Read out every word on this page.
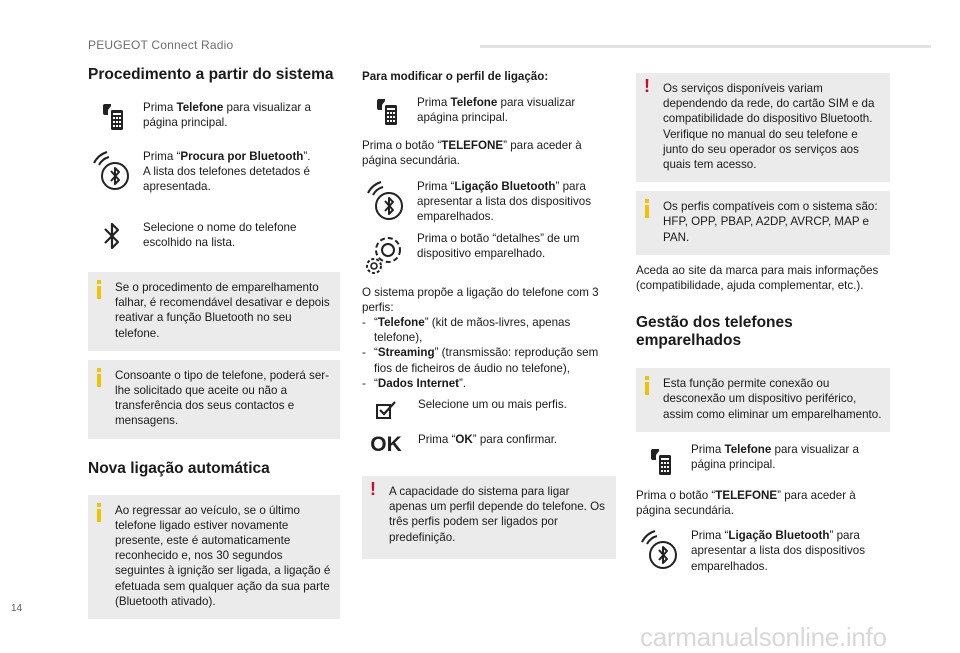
PEUGEOT Connect Radio
Procedimento a partir do sistema
Prima Telefone para visualizar a página principal.
Prima “Procura por Bluetooth”.
A lista dos telefones detetados é apresentada.
Selecione o nome do telefone escolhido na lista.

Se o procedimento de emparelhamento falhar, é recomendável desativar e depois reativar a função Bluetooth no seu telefone.

Consoante o tipo de telefone, poderá ser-lhe solicitado que aceite ou não a transferência dos seus contactos e mensagens.

Nova ligação automática

Ao regressar ao veículo, se o último telefone ligado estiver novamente presente, este é automaticamente reconhecido e, nos 30 segundos seguintes à ignição ser ligada, a ligação é efetuada sem qualquer ação da sua parte (Bluetooth ativado).

Para modificar o perfil de ligação:

Prima Telefone para visualizar apágina principal.

Prima o botão “TELEFONE” para aceder à página secundária.

Prima “Ligação Bluetooth” para apresentar a lista dos dispositivos emparelhados.
Prima o botão “detalhes” de um dispositivo emparelhado.

O sistema propõe a ligação do telefone com 3 perfis:

- “Telefone” (kit de mãos-livres, apenas telefone),
- “Streaming” (transmissão: reprodução sem fios de ficheiros de áudio no telefone),
- “Dados Internet”.
Selecione um ou mais perfis.
OK	Prima “OK” para confirmar.
! A capacidade do sistema para ligar apenas um perfil depende do telefone. Os três perfis podem ser ligados por predefinição.

! Os serviços disponíveis variam dependendo da rede, do cartão SIM e da compatibilidade do dispositivo Bluetooth. Verifique no manual do seu telefone e junto do seu operador os serviços aos quais tem acesso.

Os perfis compatíveis com o sistema são: HFP, OPP, PBAP, A2DP, AVRCP, MAP e PAN.

Aceda ao site da marca para mais informações (compatibilidade, ajuda complementar, etc.).

Gestão dos telefones emparelhados

Esta função permite conexão ou desconexão um dispositivo periférico, assim como eliminar um emparelhamento.

Prima Telefone para visualizar a página principal.

Prima o botão “TELEFONE” para aceder à página secundária.

Prima “Ligação Bluetooth” para apresentar a lista dos dispositivos emparelhados.
14
carmanualsonline.info
